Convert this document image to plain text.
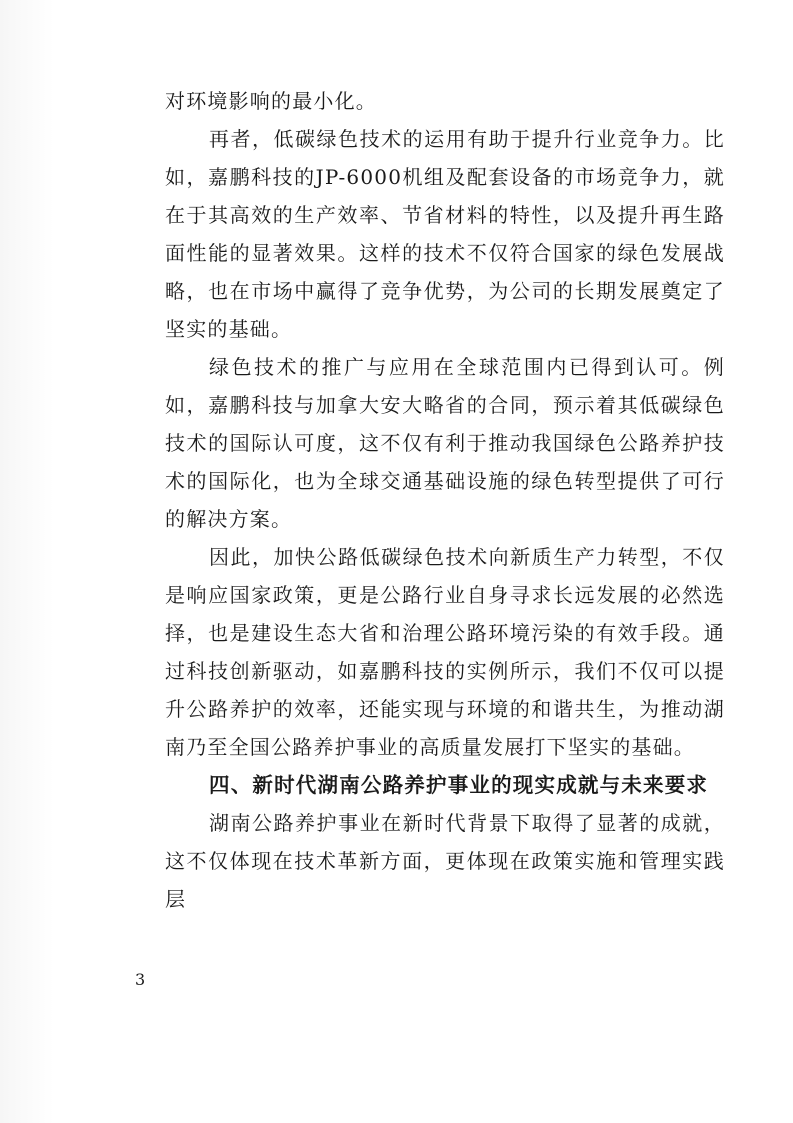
对环境影响的最小化。

再者，低碳绿色技术的运用有助于提升行业竞争力。比如，嘉鹏科技的JP-6000机组及配套设备的市场竞争力，就在于其高效的生产效率、节省材料的特性，以及提升再生路面性能的显著效果。这样的技术不仅符合国家的绿色发展战略，也在市场中赢得了竞争优势，为公司的长期发展奠定了坚实的基础。

绿色技术的推广与应用在全球范围内已得到认可。例如，嘉鹏科技与加拿大安大略省的合同，预示着其低碳绿色技术的国际认可度，这不仅有利于推动我国绿色公路养护技术的国际化，也为全球交通基础设施的绿色转型提供了可行的解决方案。

因此，加快公路低碳绿色技术向新质生产力转型，不仅是响应国家政策，更是公路行业自身寻求长远发展的必然选择，也是建设生态大省和治理公路环境污染的有效手段。通过科技创新驱动，如嘉鹏科技的实例所示，我们不仅可以提升公路养护的效率，还能实现与环境的和谐共生，为推动湖南乃至全国公路养护事业的高质量发展打下坚实的基础。

四、新时代湖南公路养护事业的现实成就与未来要求

湖南公路养护事业在新时代背景下取得了显著的成就，这不仅体现在技术革新方面，更体现在政策实施和管理实践层

3
